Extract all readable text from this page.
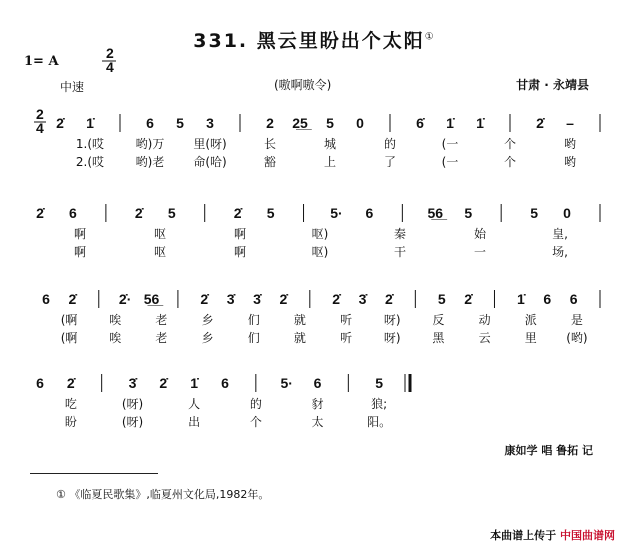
331. 黑云里盼出个太阳①
1= A
中速	(嗷啊嗷令)	甘肃 · 永靖县
2
4
2
4 2̇ 1̇	6 5 3	2 2̲5̲	5 0	6̇ 1̇ 1̇	2̇ –
1.(哎	哟)万 里(呀)	长	城	的	(一	个	哟
2.(哎	哟)老 命(哈)	豁	上	了	(一	个	哟
2̇ 6	2̇ 5	2̇ 5	5· 6	5̲6̲	5	5 0
啊	呕	啊	呕)	秦	始	皇,
啊	呕	啊	呕)	干	一	场,
6 2̇	2̇· 5̲6̲	2̇ 3̇ 3̇ 2̇	2̇ 3̇ 2̇	5 2̇	1̇ 6 6
(啊	唉	老	乡	们	就	听	呀)	反	动	派	是
(啊	唉	老	乡	们	就	听	呀)	黑	云	里 (哟)
6 2̇	3̇ 2̇ 1̇ 6	5· 6	5
吃	(呀)	人	的	豺	狼;
盼	(呀)	出	个	太	阳。
康如学 唱 鲁拓 记
① 《临夏民歌集》,临夏州文化局,1982年。
本曲谱上传于 中国曲谱网
